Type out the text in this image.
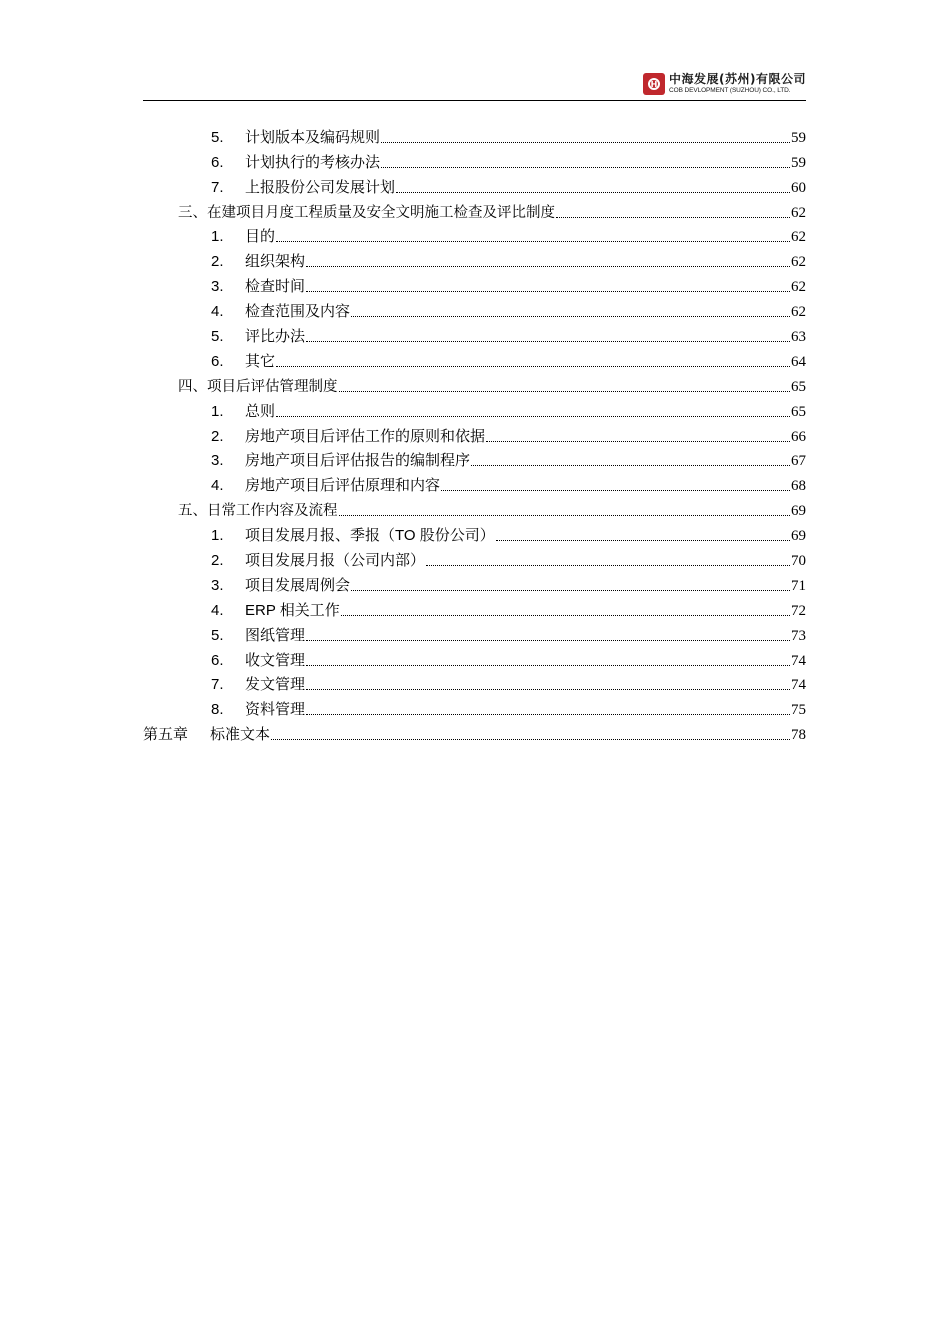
H 中海发展(苏州)有限公司
COB DEVLOPMENT (SUZHOU) CO., LTD.
5.	计划版本及编码规则	59
6.	计划执行的考核办法	59
7.	上报股份公司发展计划	60
三、在建项目月度工程质量及安全文明施工检查及评比制度	62
1.	目的	62
2.	组织架构	62
3.	检查时间	62
4.	检查范围及内容	62
5.	评比办法	63
6.	其它	64
四、项目后评估管理制度	65
1.	总则	65
2.	房地产项目后评估工作的原则和依据	66
3.	房地产项目后评估报告的编制程序	67
4.	房地产项目后评估原理和内容	68
五、日常工作内容及流程	69
1.	项目发展月报、季报（TO 股份公司）	69
2.	项目发展月报（公司内部）	70
3.	项目发展周例会	71
4.	ERP 相关工作	72
5.	图纸管理	73
6.	收文管理	74
7.	发文管理	74
8.	资料管理	75
第五章	标准文本	78
